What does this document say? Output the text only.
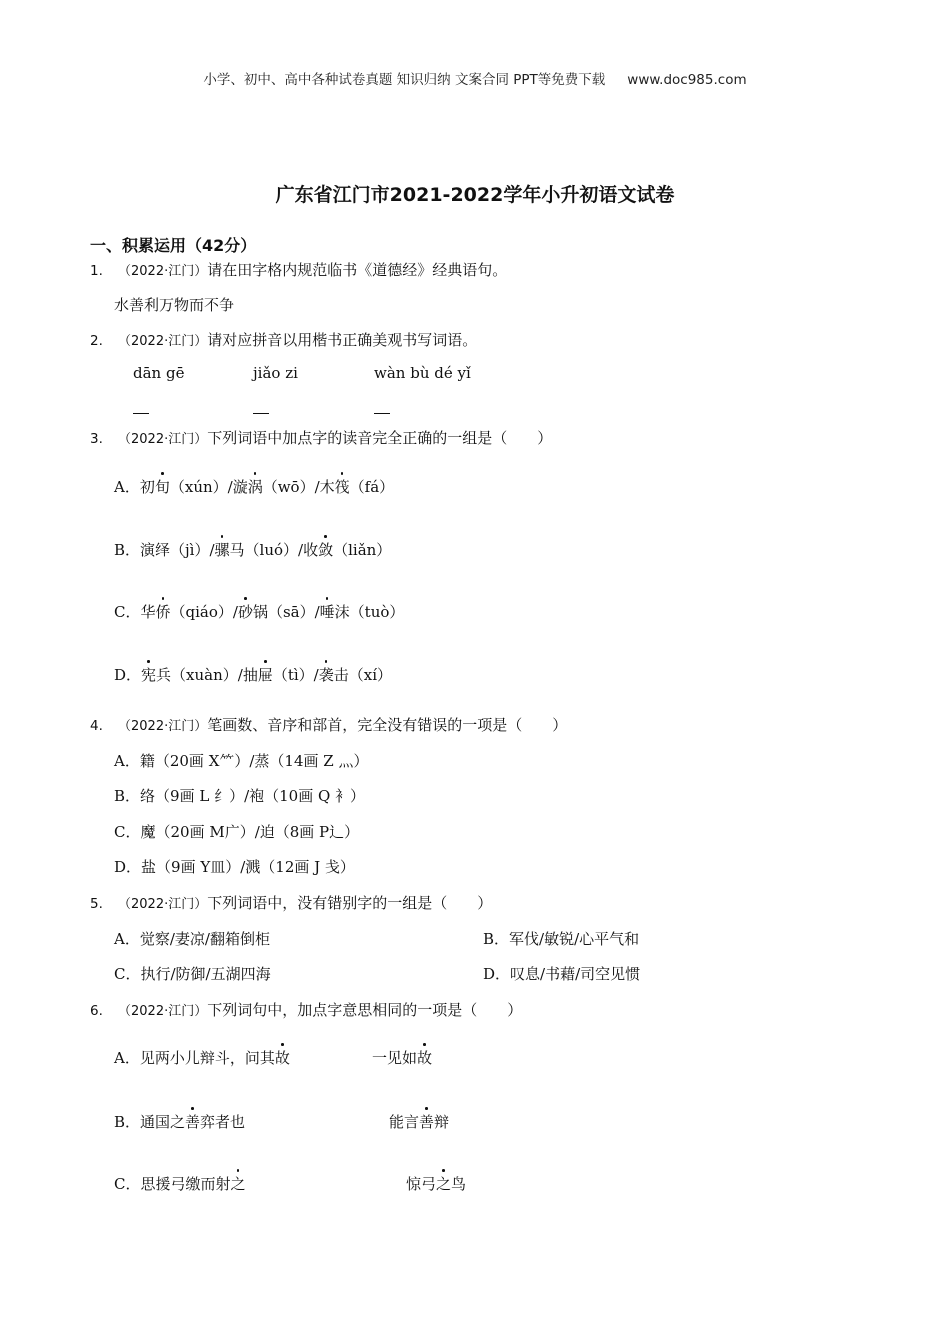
小学、初中、高中各种试卷真题 知识归纳 文案合同 PPT等免费下载 www.doc985.com
广东省江门市2021-2022学年小升初语文试卷
一、积累运用（42分）
1. （2022·江门）请在田字格内规范临书《道德经》经典语句。
水善利万物而不争
2. （2022·江门）请对应拼音以用楷书正确美观书写词语。
dān gē	jiǎo zi	wàn bù dé yǐ
3. （2022·江门）下列词语中加点字的读音完全正确的一组是（　　）
A．初旬（xún）/漩涡（wō）/木筏（fá）
B．演绎（jì）/骡马（luó）/收敛（liǎn）
C．华侨（qiáo）/砂锅（sā）/唾沫（tuò）
D．宪兵（xuàn）/抽屉（tì）/袭击（xí）
4. （2022·江门）笔画数、音序和部首，完全没有错误的一项是（　　）
A．籍（20画 X⺮）/蒸（14画 Z 灬）
B．络（9画 L 纟）/袍（10画 Q 衤）
C．魔（20画 M广）/迫（8画 P辶）
D．盐（9画 Y皿）/溅（12画 J 戋）
5. （2022·江门）下列词语中，没有错别字的一组是（　　）
A．觉察/妻凉/翻箱倒柜	B．军伐/敏锐/心平气和
C．执行/防御/五湖四海	D．叹息/书藉/司空见惯
6. （2022·江门）下列词句中，加点字意思相同的一项是（　　）
A．见两小儿辩斗，问其故	一见如故
B．通国之善弈者也	能言善辩
C．思援弓缴而射之	惊弓之鸟
